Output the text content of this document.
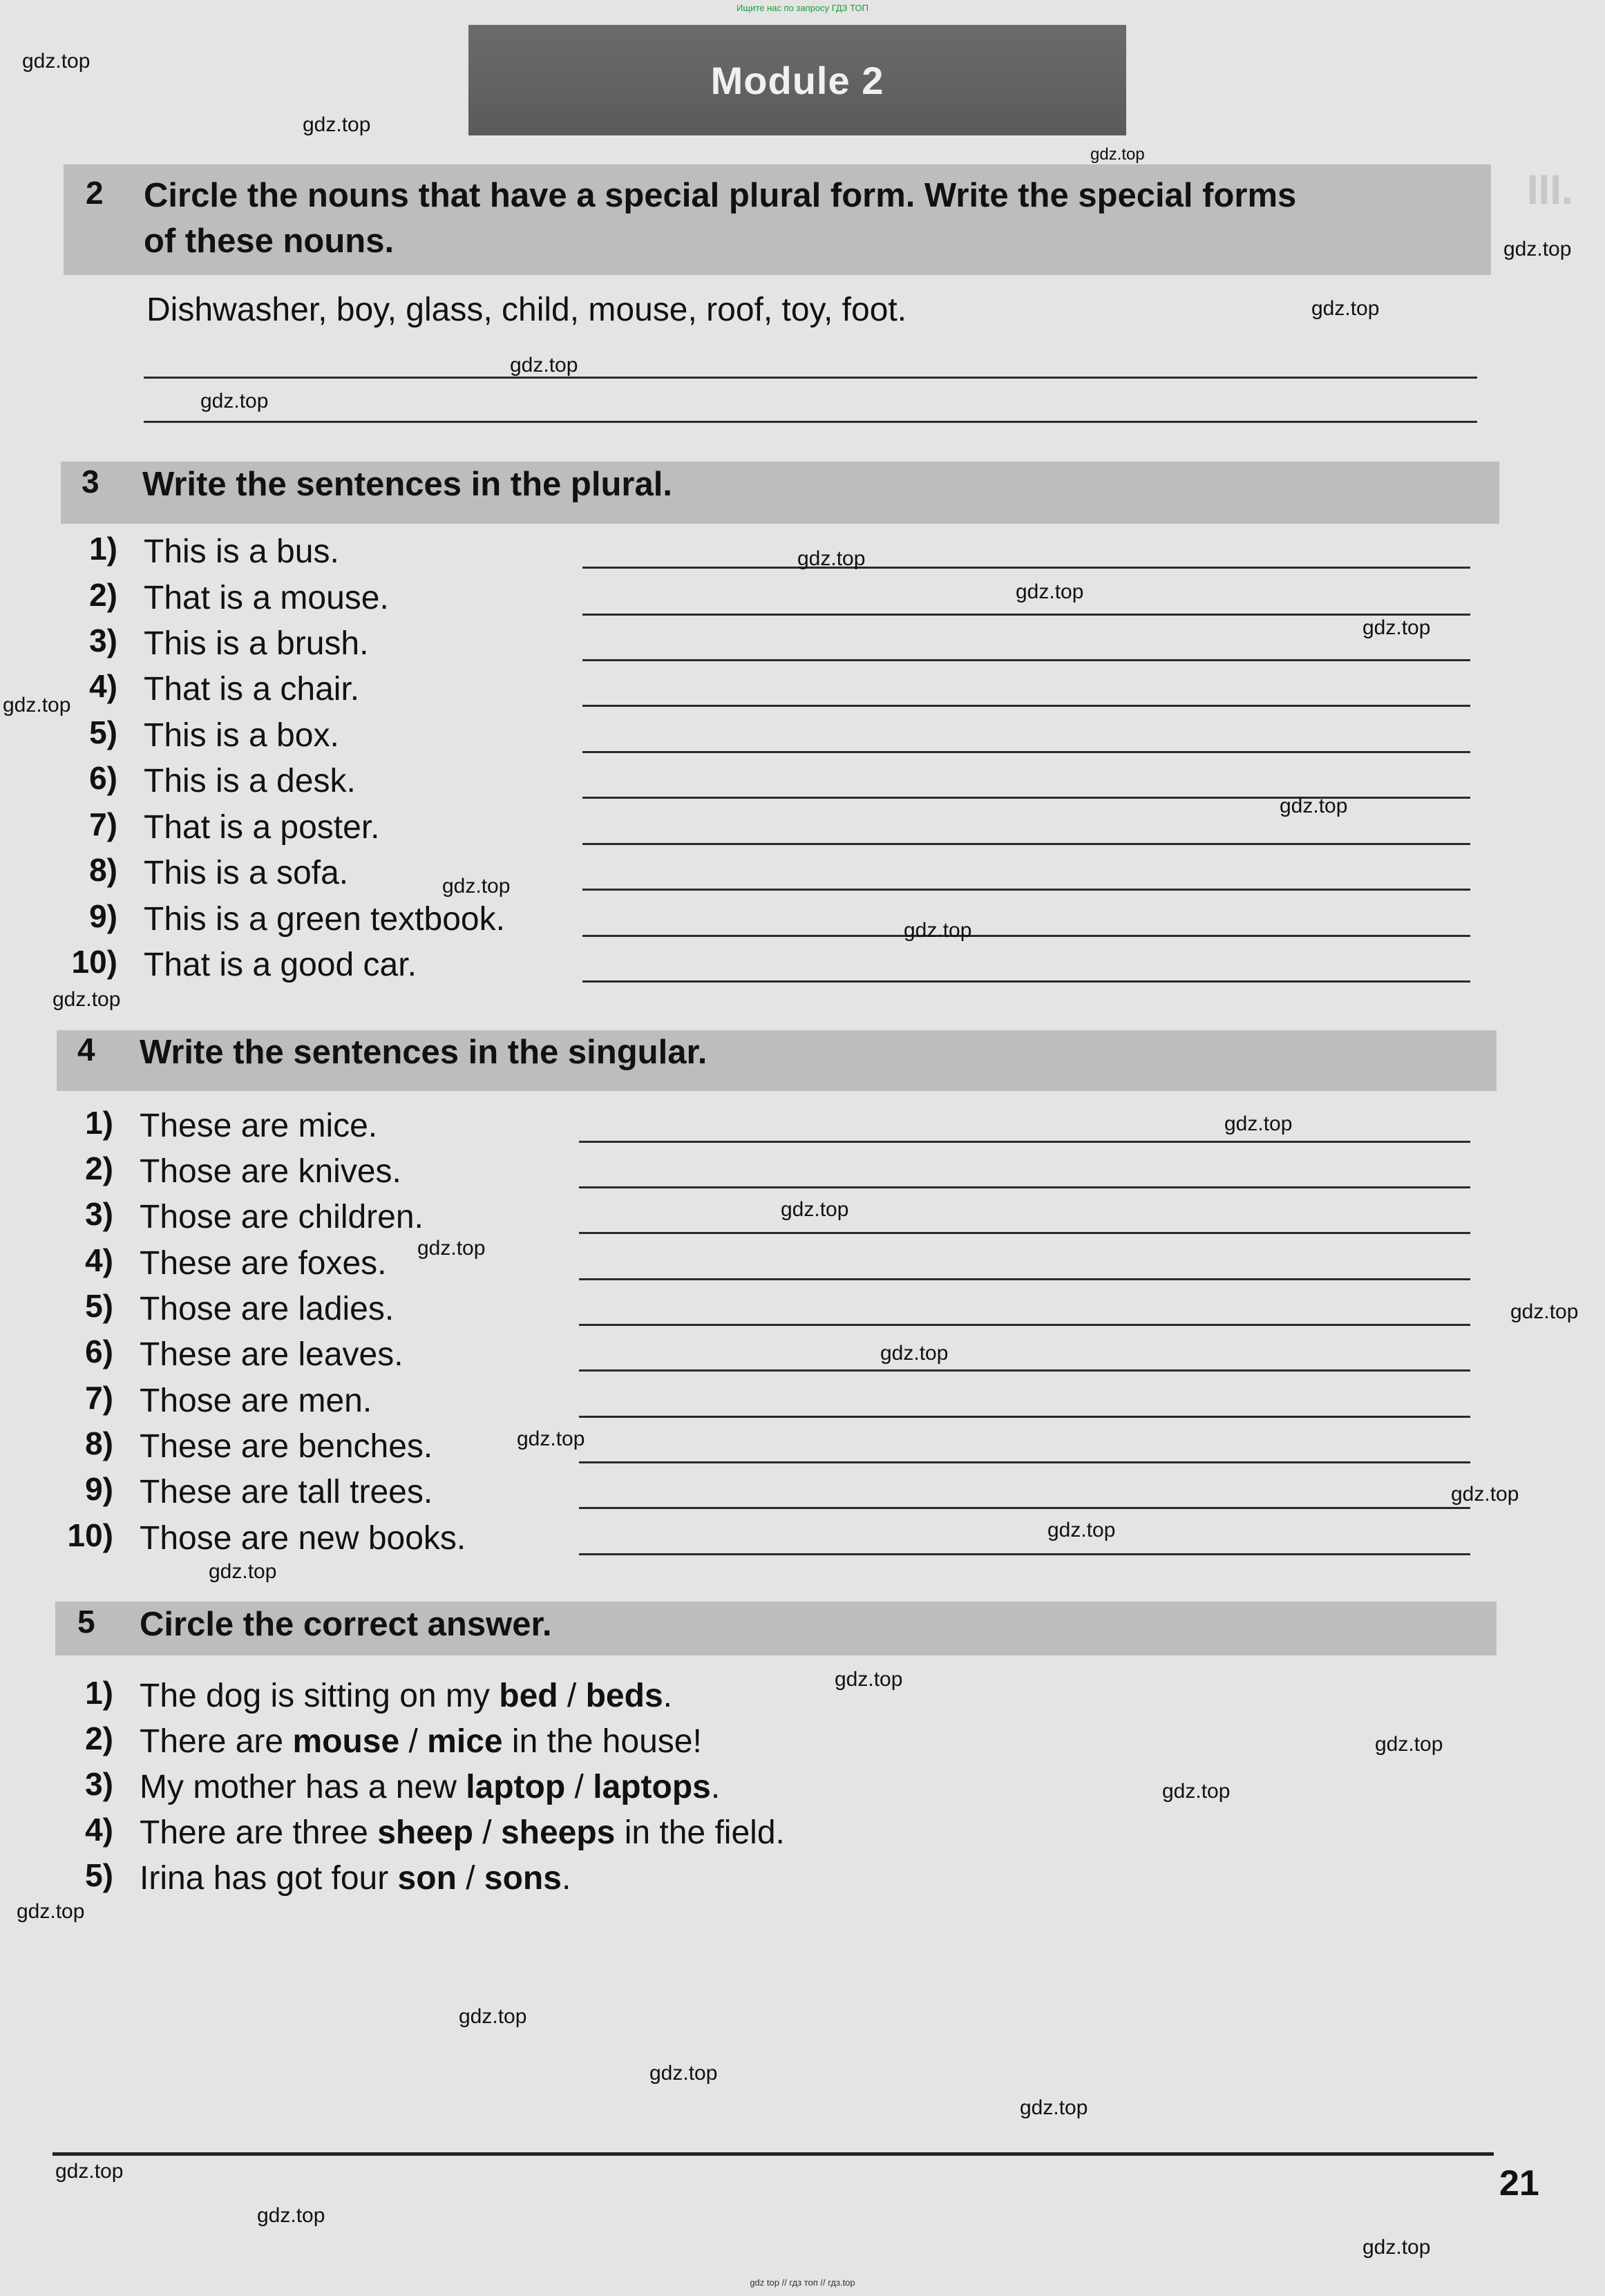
Ищите нас по запросу ГДЗ ТОП
gdz top // гдз топ // гдз.top
Module 2
III.
2 Circle the nouns that have a special plural form. Write the special forms
of these nouns.
Dishwasher, boy, glass, child, mouse, roof, toy, foot.
3 Write the sentences in the plural.
1) This is a bus.
2) That is a mouse.
3) This is a brush.
4) That is a chair.
5) This is a box.
6) This is a desk.
7) That is a poster.
8) This is a sofa.
9) This is a green textbook.
10) That is a good car.
4 Write the sentences in the singular.
1) These are mice.
2) Those are knives.
3) Those are children.
4) These are foxes.
5) Those are ladies.
6) These are leaves.
7) Those are men.
8) These are benches.
9) These are tall trees.
10) Those are new books.
5 Circle the correct answer.
1) The dog is sitting on my bed / beds.
2) There are mouse / mice in the house!
3) My mother has a new laptop / laptops.
4) There are three sheep / sheeps in the field.
5) Irina has got four son / sons.
21
gdz.top
gdz.top
gdz.top
gdz.top
gdz.top
gdz.top
gdz.top
gdz.top
gdz.top
gdz.top
gdz.top
gdz.top
gdz.top
gdz.top
gdz.top
gdz.top
gdz.top
gdz.top
gdz.top
gdz.top
gdz.top
gdz.top
gdz.top
gdz.top
gdz.top
gdz.top
gdz.top
gdz.top
gdz.top
gdz.top
gdz.top
gdz.top
gdz.top
gdz.top
